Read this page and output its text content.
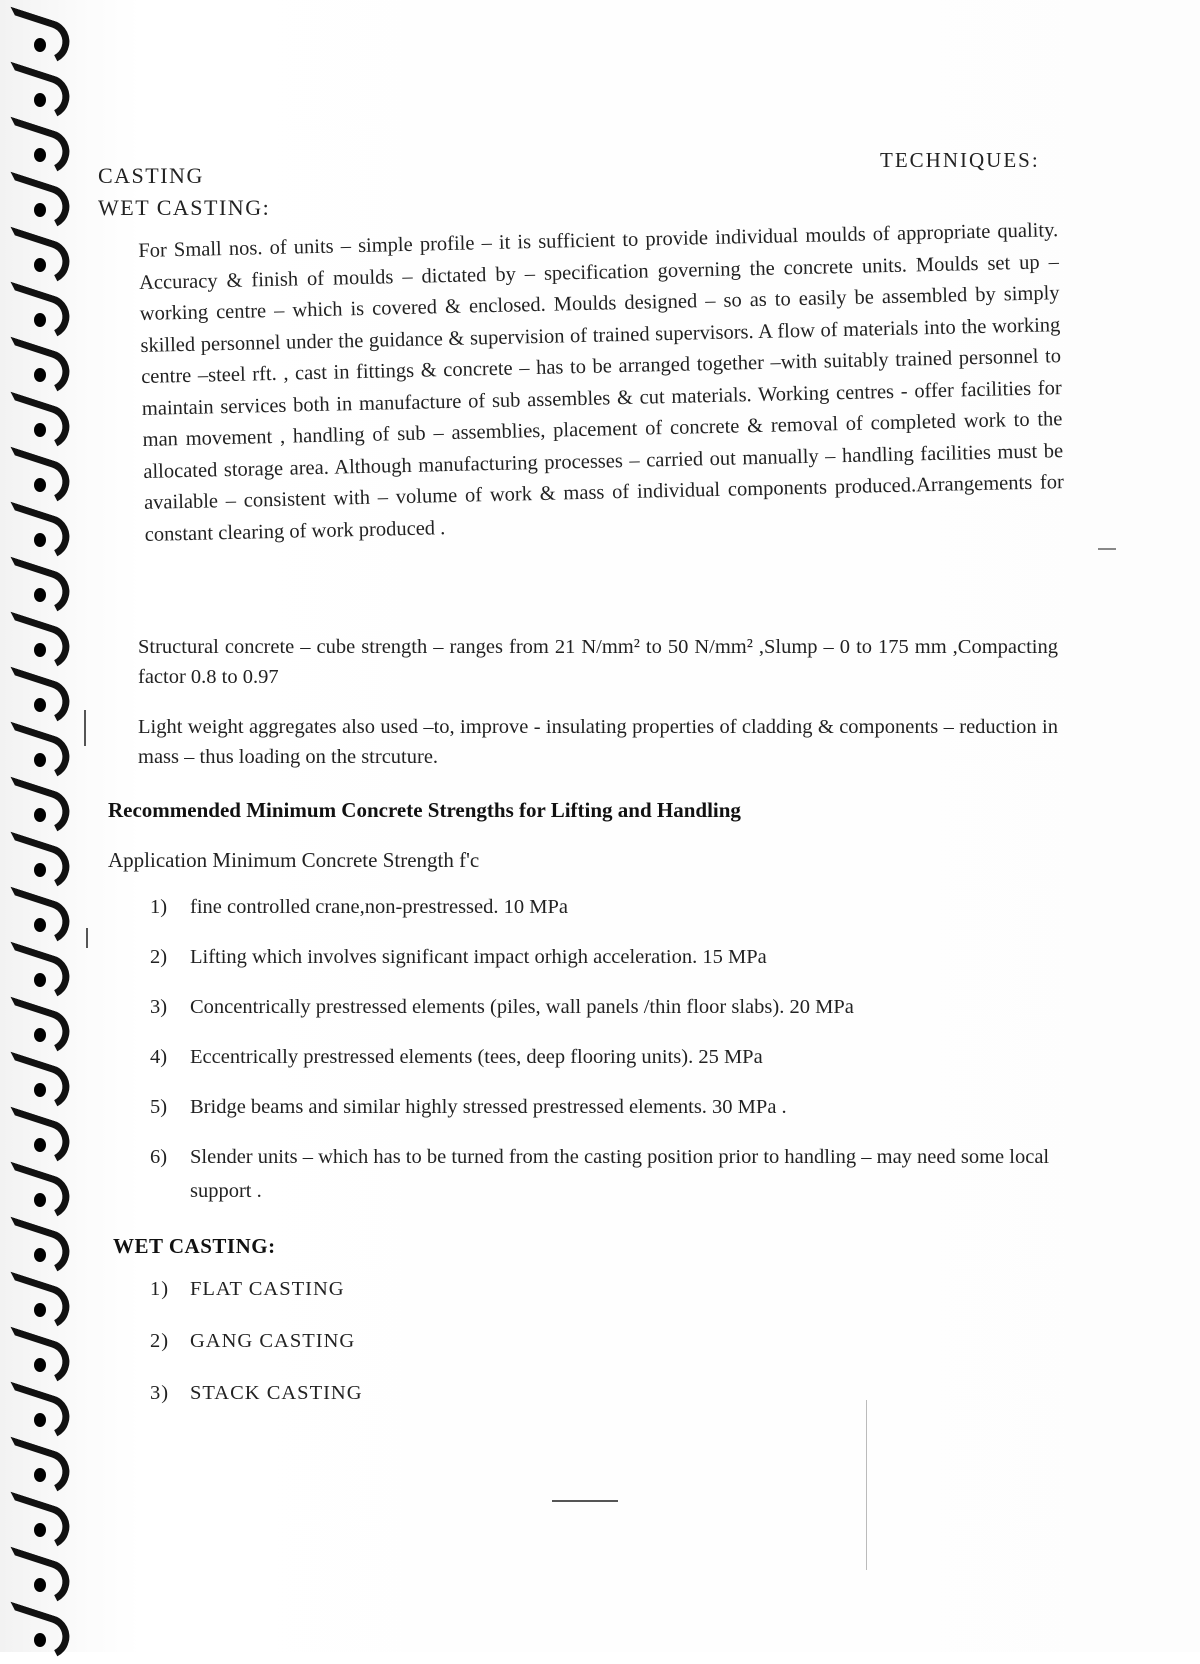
CASTING
WET CASTING:
TECHNIQUES:
For Small nos. of units – simple profile – it is sufficient to provide individual moulds of appropriate quality. Accuracy & finish of moulds – dictated by – specification governing the concrete units. Moulds set up – working centre – which is covered & enclosed. Moulds designed – so as to easily be assembled by simply skilled personnel under the guidance & supervision of trained supervisors. A flow of materials into the working centre –steel rft. , cast in fittings & concrete – has to be arranged together –with suitably trained personnel to maintain services both in manufacture of sub assembles & cut materials. Working centres - offer facilities for man movement , handling of sub – assemblies, placement of concrete & removal of completed work to the allocated storage area. Although manufacturing processes – carried out manually – handling facilities must be available – consistent with – volume of work & mass of individual components produced.Arrangements for constant clearing of work produced .
Structural concrete – cube strength – ranges from 21 N/mm² to 50 N/mm² ,Slump – 0 to 175 mm ,Compacting factor 0.8 to 0.97
Light weight aggregates also used –to, improve - insulating properties of cladding & components – reduction in mass – thus loading on the strcuture.
Recommended Minimum Concrete Strengths for Lifting and Handling
Application Minimum Concrete Strength f'c
1) fine controlled crane,non-prestressed. 10 MPa
2) Lifting which involves significant impact orhigh acceleration. 15 MPa
3) Concentrically prestressed elements (piles, wall panels /thin floor slabs). 20 MPa
4) Eccentrically prestressed elements (tees, deep flooring units). 25 MPa
5) Bridge beams and similar highly stressed prestressed elements. 30 MPa .
6) Slender units – which has to be turned from the casting position prior to handling – may need some local support .
WET CASTING:
1) FLAT CASTING
2) GANG CASTING
3) STACK CASTING
